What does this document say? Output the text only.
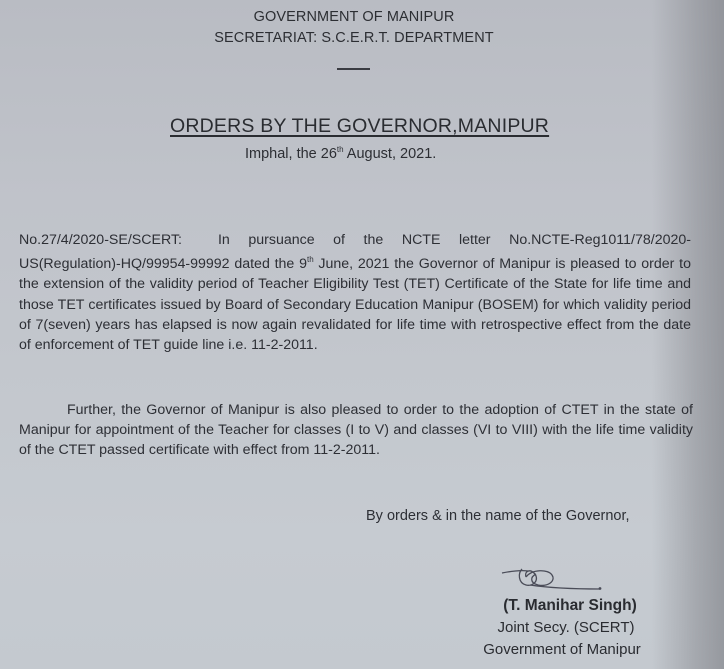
GOVERNMENT OF MANIPUR
SECRETARIAT: S.C.E.R.T. DEPARTMENT
ORDERS BY THE GOVERNOR,MANIPUR
Imphal, the 26th August, 2021.
No.27/4/2020-SE/SCERT:	In pursuance of the NCTE letter No.NCTE-Reg1011/78/2020-US(Regulation)-HQ/99954-99992 dated the 9th June, 2021 the Governor of Manipur is pleased to order to the extension of the validity period of Teacher Eligibility Test (TET) Certificate of the State for life time and those TET certificates issued by Board of Secondary Education Manipur (BOSEM) for which validity period of 7(seven) years has elapsed is now again revalidated for life time with retrospective effect from the date of enforcement of TET guide line i.e. 11-2-2011.
Further, the Governor of Manipur is also pleased to order to the adoption of CTET in the state of Manipur for appointment of the Teacher for classes (I to V) and classes (VI to VIII) with the life time validity of the CTET passed certificate with effect from 11-2-2011.
By orders & in the name of the Governor,
(T. Manihar Singh)
Joint Secy. (SCERT)
Government of Manipur
